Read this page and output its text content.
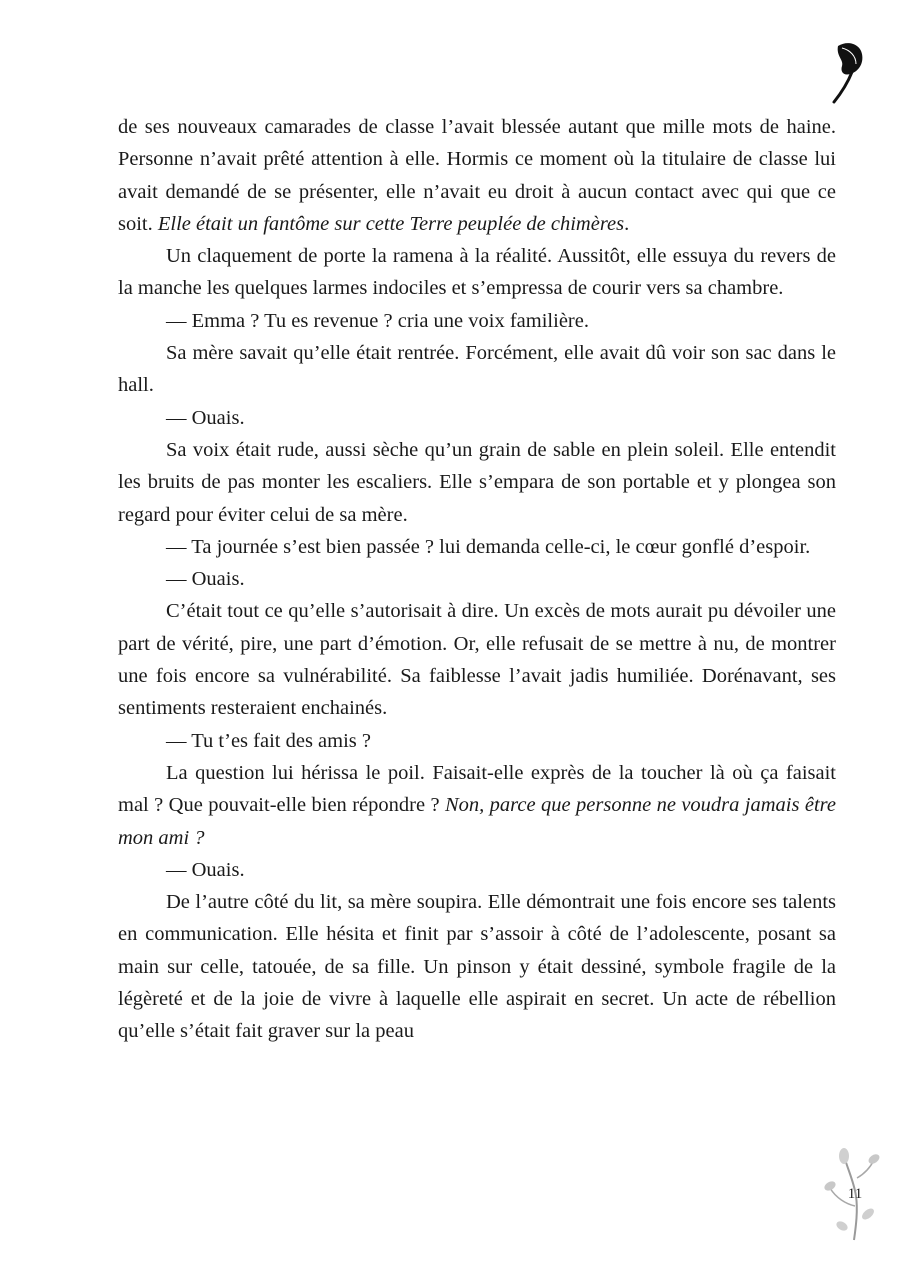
de ses nouveaux camarades de classe l’avait blessée autant que mille mots de haine. Personne n’avait prêté attention à elle. Hormis ce moment où la titulaire de classe lui avait demandé de se présenter, elle n’avait eu droit à aucun contact avec qui que ce soit. Elle était un fantôme sur cette Terre peuplée de chimères.

Un claquement de porte la ramena à la réalité. Aussitôt, elle essuya du revers de la manche les quelques larmes indociles et s’empressa de courir vers sa chambre.

— Emma ? Tu es revenue ? cria une voix familière.

Sa mère savait qu’elle était rentrée. Forcément, elle avait dû voir son sac dans le hall.

— Ouais.

Sa voix était rude, aussi sèche qu’un grain de sable en plein soleil. Elle entendit les bruits de pas monter les escaliers. Elle s’empara de son portable et y plongea son regard pour éviter celui de sa mère.

— Ta journée s’est bien passée ? lui demanda celle-ci, le cœur gonflé d’espoir.

— Ouais.

C’était tout ce qu’elle s’autorisait à dire. Un excès de mots aurait pu dévoiler une part de vérité, pire, une part d’émotion. Or, elle refusait de se mettre à nu, de montrer une fois encore sa vulnérabilité. Sa faiblesse l’avait jadis humiliée. Dorénavant, ses sentiments resteraient enchainés.

— Tu t’es fait des amis ?

La question lui hérissa le poil. Faisait-elle exprès de la toucher là où ça faisait mal ? Que pouvait-elle bien répondre ? Non, parce que personne ne voudra jamais être mon ami ?

— Ouais.

De l’autre côté du lit, sa mère soupira. Elle démontrait une fois encore ses talents en communication. Elle hésita et finit par s’assoir à côté de l’adolescente, posant sa main sur celle, tatouée, de sa fille. Un pinson y était dessiné, symbole fragile de la légèreté et de la joie de vivre à laquelle elle aspirait en secret. Un acte de rébellion qu’elle s’était fait graver sur la peau

11
